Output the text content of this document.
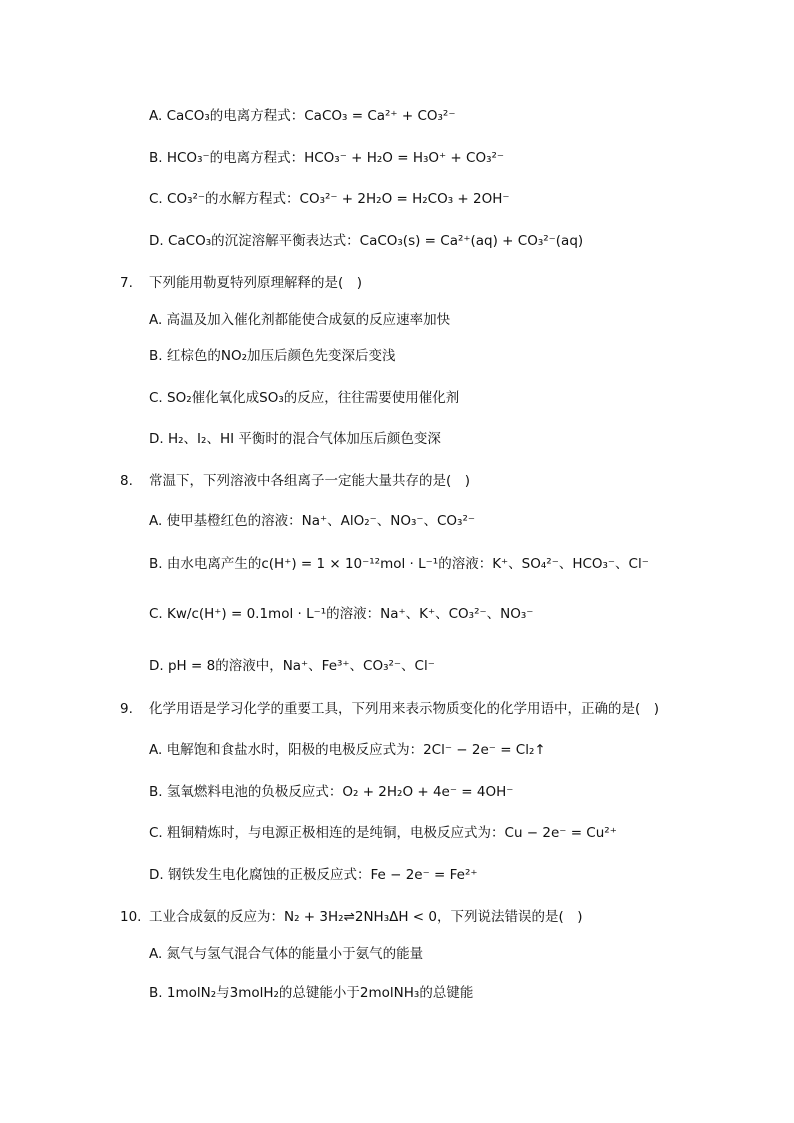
A. CaCO₃的电离方程式：CaCO₃ = Ca²⁺ + CO₃²⁻
B. HCO₃⁻的电离方程式：HCO₃⁻ + H₂O = H₃O⁺ + CO₃²⁻
C. CO₃²⁻的水解方程式：CO₃²⁻ + 2H₂O = H₂CO₃ + 2OH⁻
D. CaCO₃的沉淀溶解平衡表达式：CaCO₃(s) = Ca²⁺(aq) + CO₃²⁻(aq)
7. 下列能用勒夏特列原理解释的是(　)
A. 高温及加入催化剂都能使合成氨的反应速率加快
B. 红棕色的NO₂加压后颜色先变深后变浅
C. SO₂催化氧化成SO₃的反应，往往需要使用催化剂
D. H₂、I₂、HI 平衡时的混合气体加压后颜色变深
8. 常温下，下列溶液中各组离子一定能大量共存的是(　)
A. 使甲基橙红色的溶液：Na⁺、AlO₂⁻、NO₃⁻、CO₃²⁻
B. 由水电离产生的c(H⁺) = 1 × 10⁻¹²mol · L⁻¹的溶液：K⁺、SO₄²⁻、HCO₃⁻、Cl⁻
C. Kw/c(H⁺) = 0.1mol · L⁻¹的溶液：Na⁺、K⁺、CO₃²⁻、NO₃⁻
D. pH = 8的溶液中，Na⁺、Fe³⁺、CO₃²⁻、Cl⁻
9. 化学用语是学习化学的重要工具，下列用来表示物质变化的化学用语中，正确的是(　)
A. 电解饱和食盐水时，阳极的电极反应式为：2Cl⁻ − 2e⁻ = Cl₂↑
B. 氢氧燃料电池的负极反应式：O₂ + 2H₂O + 4e⁻ = 4OH⁻
C. 粗铜精炼时，与电源正极相连的是纯铜，电极反应式为：Cu − 2e⁻ = Cu²⁺
D. 钢铁发生电化腐蚀的正极反应式：Fe − 2e⁻ = Fe²⁺
10. 工业合成氨的反应为：N₂ + 3H₂⇌2NH₃ΔH < 0，下列说法错误的是(　)
A. 氮气与氢气混合气体的能量小于氨气的能量
B. 1molN₂与3molH₂的总键能小于2molNH₃的总键能
